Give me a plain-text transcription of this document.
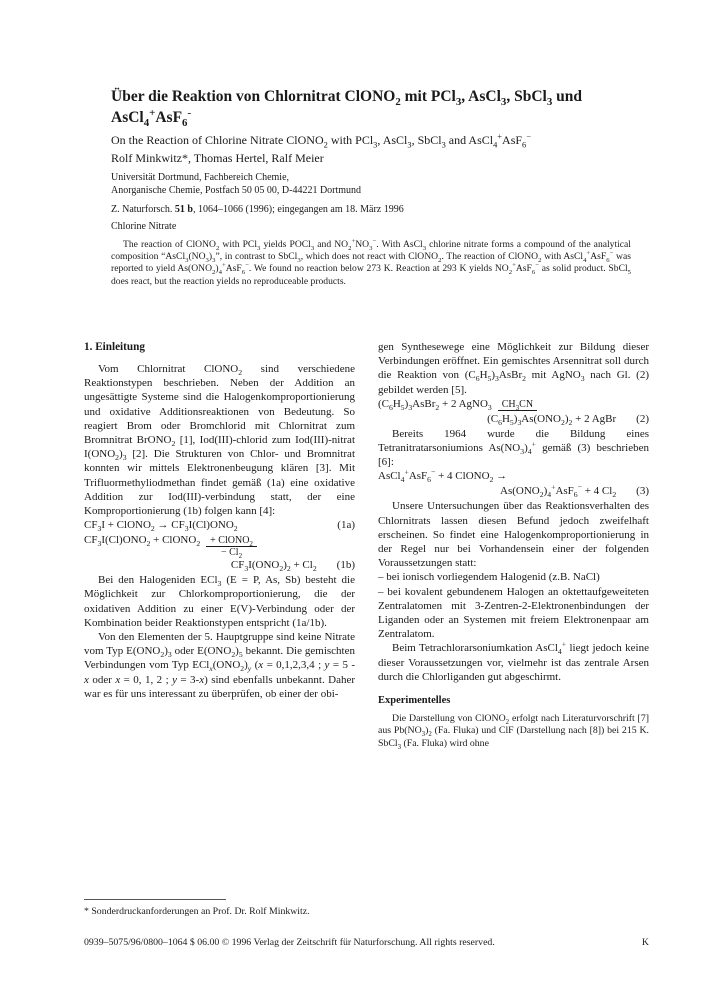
Über die Reaktion von Chlornitrat ClONO$_2$ mit PCl$_3$, AsCl$_3$, SbCl$_3$ und AsCl$_4$+AsF$_6$-
On the Reaction of Chlorine Nitrate ClONO$_2$ with PCl$_3$, AsCl$_3$, SbCl$_3$ and AsCl$_4$+AsF$_6$−
Rolf Minkwitz*, Thomas Hertel, Ralf Meier
Universität Dortmund, Fachbereich Chemie,
Anorganische Chemie, Postfach 50 05 00, D-44221 Dortmund
Z. Naturforsch. 51 b, 1064–1066 (1996); eingegangen am 18. März 1996
Chlorine Nitrate
The reaction of ClONO$_2$ with PCl$_3$ yields POCl$_3$ and $NO_2^+NO_3^-$. With AsCl$_3$ chlorine nitrate forms a compound of the analytical composition “$AsCl_3(NO_3)_3$”, in contrast to SbCl$_3$, which does not react with ClONO$_2$. The reaction of ClONO$_2$ with AsCl$_4$+AsF$_6$− was reported to yield $As(ONO_2)_4^+AsF_6^-$. We found no reaction below 273 K. Reaction at 293 K yields $NO_2^+AsF_6^-$ as solid product. SbCl$_5$ does react, but the reaction yields no reproduceable products.
1. Einleitung

Vom Chlornitrat ClONO$_2$ sind verschiedene Reaktionstypen beschrieben. Neben der Addition an ungesättigte Systeme sind die Halogenkomproportionierung und oxidative Additionsreaktionen von Bedeutung. So reagiert Brom oder Bromchlorid mit Chlornitrat zum Bromnitrat BrONO$_2$ [1], Iod(III)-chlorid zum Iod(III)-nitrat $I(ONO_2)_3$ [2]. Die Strukturen von Chlor- und Bromnitrat konnten wir mittels Elektronenbeugung klären [3]. Mit Trifluormethyliodmethan findet gemäß (1a) eine oxidative Addition zur Iod(III)-verbindung statt, der eine Komproportionierung (1b) folgen kann [4]:

$CF_3I$ + ClONO$_2$ → $CF_3I(Cl)ONO_2$	(1a)
$CF_3I(Cl)ONO_2$ + ClONO$_2$	+ ClONO$_2$
− $Cl_2$
$CF_3I(ONO_2)_2 + Cl_2$ (1b)

Bei den Halogeniden ECl$_3$ (E = P, As, Sb) besteht die Möglichkeit zur Chlorkomproportionierung, die der oxidativen Addition zu einer E(V)-Verbindung oder der Kombination beider Reaktionstypen entspricht (1a/1b).

Von den Elementen der 5. Hauptgruppe sind keine Nitrate vom Typ $E(ONO_2)_3$ oder $E(ONO_2)_5$ bekannt. Die gemischten Verbindungen vom Typ $ECl_x(ONO_2)_y$ (x = 0,1,2,3,4 ; y = 5 - x oder x = 0, 1, 2 ; y = 3-x) sind ebenfalls unbekannt. Daher war es für uns interessant zu überprüfen, ob einer der obi-

gen Synthesewege eine Möglichkeit zur Bildung dieser Verbindungen eröffnet. Ein gemischtes Arsennitrat soll durch die Reaktion von $(C_6H_5)_3AsBr_2$ mit AgNO$_3$ nach Gl. (2) gebildet werden [5].

$(C_6H_5)_3AsBr_2 + 2$ AgNO$_3$	$CH_3CN$
$(C_6H_5)_3As(ONO_2)_2 + 2$ AgBr (2)

Bereits 1964 wurde die Bildung eines Tetranitratarsoniumions $As(NO_3)_4^+$ gemäß (3) beschrieben [6]:

AsCl$_4$+AsF$_6$− + 4 ClONO$_2$ →
$As(ONO_2)_4^+AsF_6^- + 4$ $Cl_2$ (3)

Unsere Untersuchungen über das Reaktionsverhalten des Chlornitrats lassen diesen Befund jedoch zweifelhaft erscheinen. So findet eine Halogenkomproportionierung in der Regel nur bei Vorhandensein einer der folgenden Voraussetzungen statt:

– bei ionisch vorliegendem Halogenid (z.B. NaCl)

– bei kovalent gebundenem Halogen an oktettaufgeweiteten Zentralatomen mit 3-Zentren-2-Elektronenbindungen der Liganden oder an Systemen mit freiem Elektronenpaar am Zentralatom.

Beim Tetrachlorarsoniumkation AsCl$_4$+ liegt jedoch keine dieser Voraussetzungen vor, vielmehr ist das zentrale Arsen durch die Chlorliganden gut abgeschirmt.

Experimentelles

Die Darstellung von ClONO$_2$ erfolgt nach Literaturvorschrift [7] aus $Pb(NO_3)_2$ (Fa. Fluka) und ClF (Darstellung nach [8]) bei 215 K. SbCl$_3$ (Fa. Fluka) wird ohne

* Sonderdruckanforderungen an Prof. Dr. Rolf Minkwitz.
0939–5075/96/0800–1064 $ 06.00 © 1996 Verlag der Zeitschrift für Naturforschung. All rights reserved.	K
